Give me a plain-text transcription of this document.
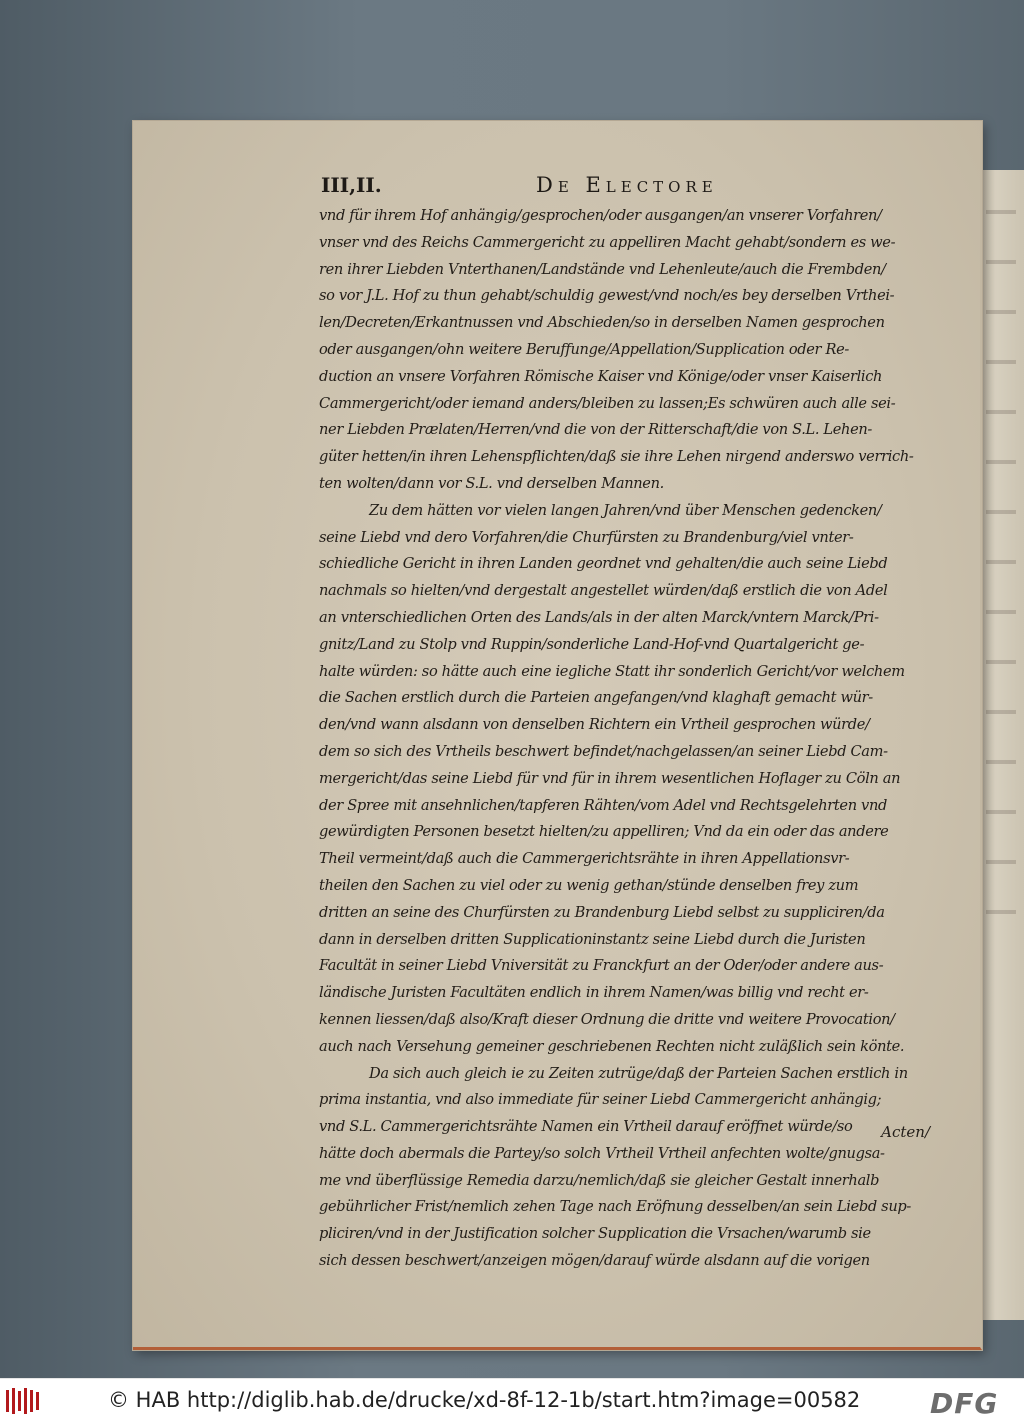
III,II.	De Electore
vnd für ihrem Hof anhängig/gesprochen/oder ausgangen/an vnserer Vorfahren/
vnser vnd des Reichs Cammergericht zu appelliren Macht gehabt/sondern es we-
ren ihrer Liebden Vnterthanen/Landstände vnd Lehenleute/auch die Frembden/
so vor J.L. Hof zu thun gehabt/schuldig gewest/vnd noch/es bey derselben Vrthei-
len/Decreten/Erkantnussen vnd Abschieden/so in derselben Namen gesprochen
oder ausgangen/ohn weitere Beruffunge/Appellation/Supplication oder Re-
duction an vnsere Vorfahren Römische Kaiser vnd Könige/oder vnser Kaiserlich
Cammergericht/oder iemand anders/bleiben zu lassen;Es schwüren auch alle sei-
ner Liebden Prælaten/Herren/vnd die von der Ritterschaft/die von S.L. Lehen-
güter hetten/in ihren Lehenspflichten/daß sie ihre Lehen nirgend anderswo verrich-
ten wolten/dann vor S.L. vnd derselben Mannen.
Zu dem hätten vor vielen langen Jahren/vnd über Menschen gedencken/
seine Liebd vnd dero Vorfahren/die Churfürsten zu Brandenburg/viel vnter-
schiedliche Gericht in ihren Landen geordnet vnd gehalten/die auch seine Liebd
nachmals so hielten/vnd dergestalt angestellet würden/daß erstlich die von Adel
an vnterschiedlichen Orten des Lands/als in der alten Marck/vntern Marck/Pri-
gnitz/Land zu Stolp vnd Ruppin/sonderliche Land-Hof-vnd Quartalgericht ge-
halte würden: so hätte auch eine iegliche Statt ihr sonderlich Gericht/vor welchem
die Sachen erstlich durch die Parteien angefangen/vnd klaghaft gemacht wür-
den/vnd wann alsdann von denselben Richtern ein Vrtheil gesprochen würde/
dem so sich des Vrtheils beschwert befindet/nachgelassen/an seiner Liebd Cam-
mergericht/das seine Liebd für vnd für in ihrem wesentlichen Hoflager zu Cöln an
der Spree mit ansehnlichen/tapferen Rähten/vom Adel vnd Rechtsgelehrten vnd
gewürdigten Personen besetzt hielten/zu appelliren; Vnd da ein oder das andere
Theil vermeint/daß auch die Cammergerichtsrähte in ihren Appellationsvr-
theilen den Sachen zu viel oder zu wenig gethan/stünde denselben frey zum
dritten an seine des Churfürsten zu Brandenburg Liebd selbst zu suppliciren/da
dann in derselben dritten Supplicationinstantz seine Liebd durch die Juristen
Facultät in seiner Liebd Vniversität zu Franckfurt an der Oder/oder andere aus-
ländische Juristen Facultäten endlich in ihrem Namen/was billig vnd recht er-
kennen liessen/daß also/Kraft dieser Ordnung die dritte vnd weitere Provocation/
auch nach Versehung gemeiner geschriebenen Rechten nicht zuläßlich sein könte.
Da sich auch gleich ie zu Zeiten zutrüge/daß der Parteien Sachen erstlich in
prima instantia, vnd also immediate für seiner Liebd Cammergericht anhängig;
vnd S.L. Cammergerichtsrähte Namen ein Vrtheil darauf eröffnet würde/so
hätte doch abermals die Partey/so solch Vrtheil Vrtheil anfechten wolte/gnugsa-
me vnd überflüssige Remedia darzu/nemlich/daß sie gleicher Gestalt innerhalb
gebührlicher Frist/nemlich zehen Tage nach Eröfnung desselben/an sein Liebd sup-
pliciren/vnd in der Justification solcher Supplication die Vrsachen/warumb sie
sich dessen beschwert/anzeigen mögen/darauf würde alsdann auf die vorigen
Acten/
© HAB http://diglib.hab.de/drucke/xd-8f-12-1b/start.htm?image=00582 DFG
